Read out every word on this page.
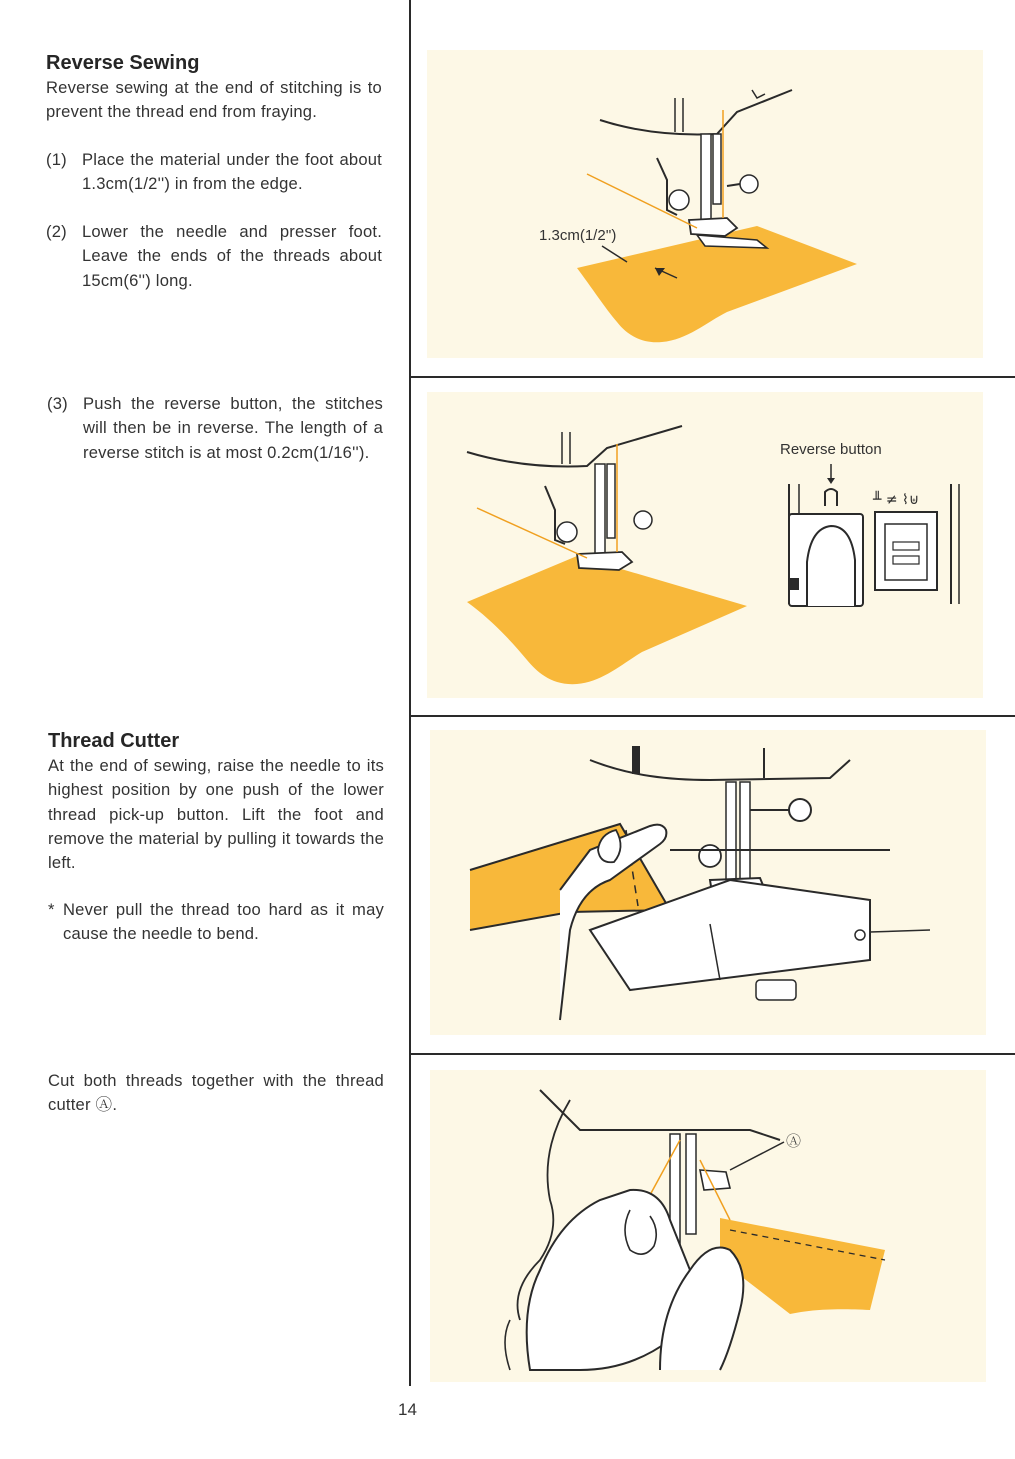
Reverse Sewing

Reverse sewing at the end of stitching is to prevent the thread end from fraying.

(1) Place the material under the foot about 1.3cm(1/2'') in from the edge.
(2) Lower the needle and presser foot. Leave the ends of the threads about 15cm(6'') long.
(3) Push the reverse button, the stitches will then be in reverse. The length of a reverse stitch is at most 0.2cm(1/16'').
Thread Cutter

At the end of sewing, raise the needle to its highest position by one push of the lower thread pick-up button. Lift the foot and remove the material by pulling it towards the left.

* Never pull the thread too hard as it may cause the needle to bend.

Cut both threads together with the thread cutter Ⓐ.

1.3cm(1/2'')
Reverse button
╨ ≠ ⌇⊎
Ⓐ
14
